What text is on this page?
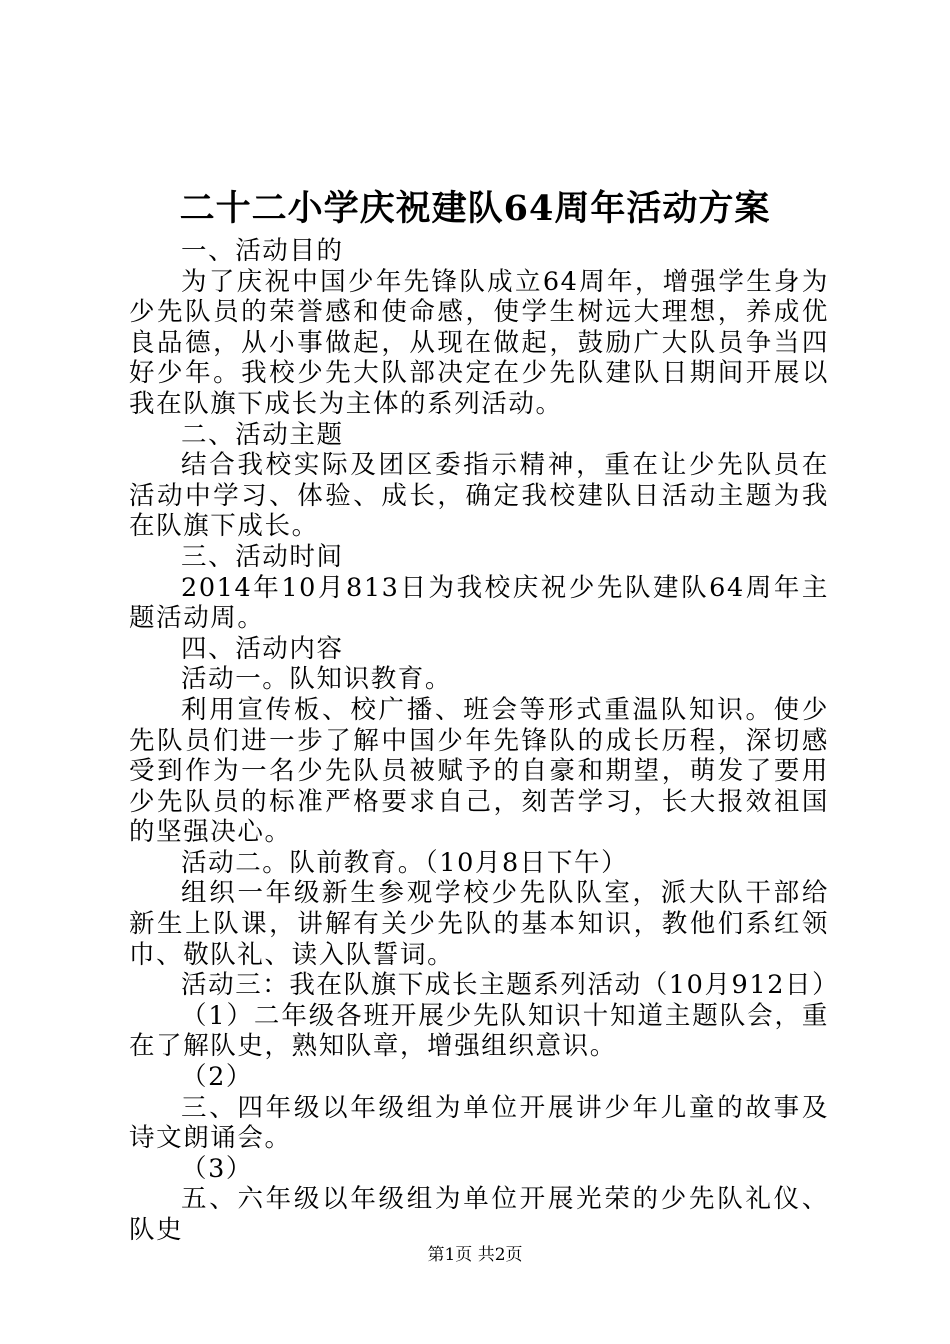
二十二小学庆祝建队64周年活动方案

一、活动目的

为了庆祝中国少年先锋队成立64周年，增强学生身为少先队员的荣誉感和使命感，使学生树远大理想，养成优良品德，从小事做起，从现在做起，鼓励广大队员争当四好少年。我校少先大队部决定在少先队建队日期间开展以我在队旗下成长为主体的系列活动。

二、活动主题

结合我校实际及团区委指示精神，重在让少先队员在活动中学习、体验、成长，确定我校建队日活动主题为我在队旗下成长。

三、活动时间

2014年10月813日为我校庆祝少先队建队64周年主题活动周。

四、活动内容

活动一。队知识教育。

利用宣传板、校广播、班会等形式重温队知识。使少先队员们进一步了解中国少年先锋队的成长历程，深切感受到作为一名少先队员被赋予的自豪和期望，萌发了要用少先队员的标准严格要求自己，刻苦学习，长大报效祖国的坚强决心。

活动二。队前教育。（10月8日下午）

组织一年级新生参观学校少先队队室，派大队干部给新生上队课，讲解有关少先队的基本知识，教他们系红领巾、敬队礼、读入队誓词。

活动三：我在队旗下成长主题系列活动（10月912日）

（1）二年级各班开展少先队知识十知道主题队会，重在了解队史，熟知队章，增强组织意识。

（2）

三、四年级以年级组为单位开展讲少年儿童的故事及诗文朗诵会。

（3）

五、六年级以年级组为单位开展光荣的少先队礼仪、队史

第1页 共2页
